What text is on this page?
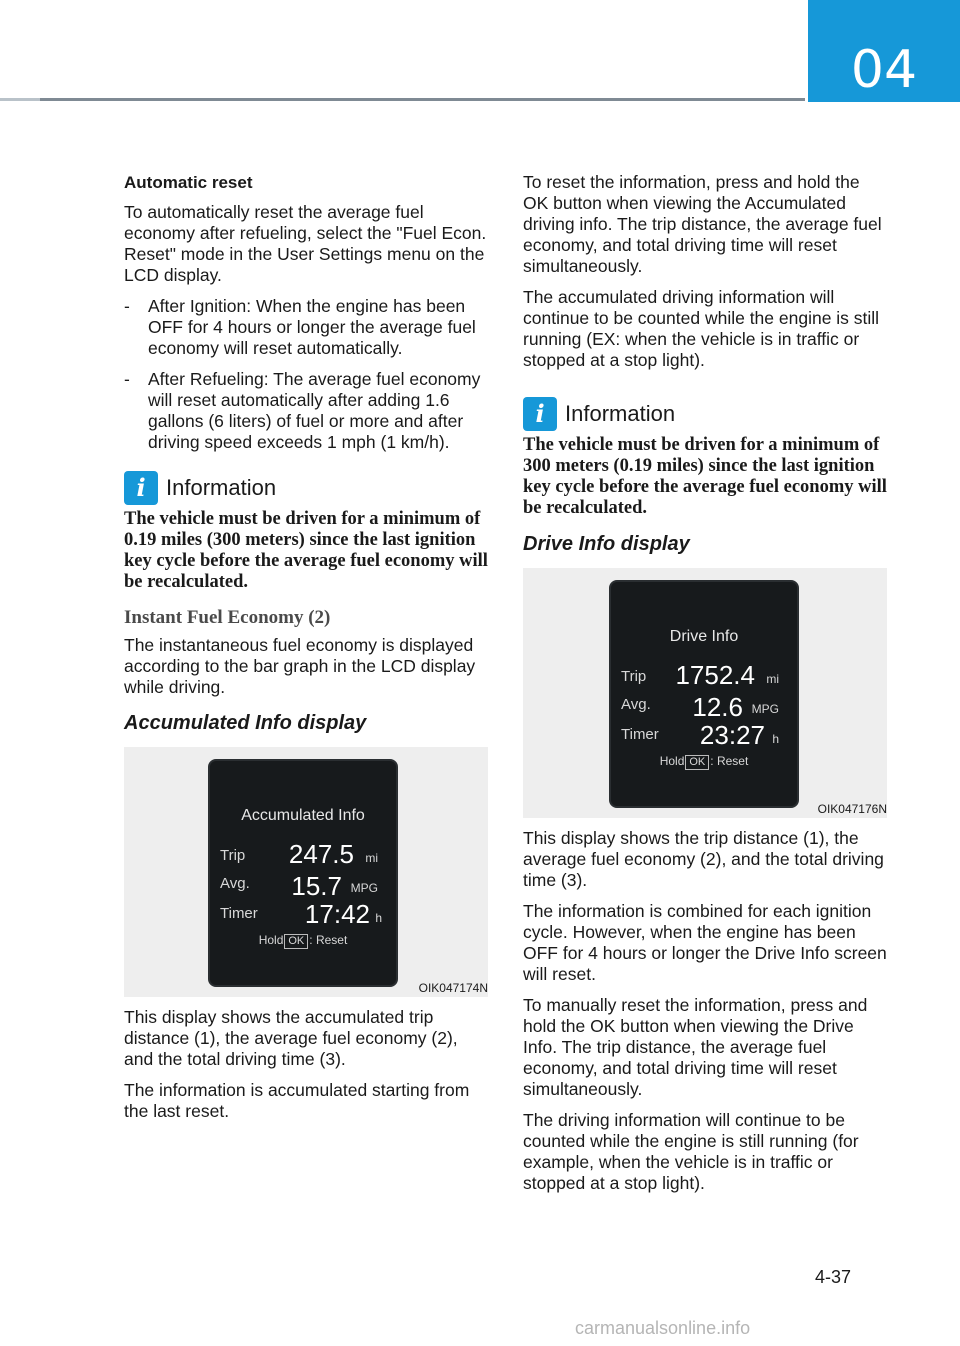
04
Automatic reset
To automatically reset the average fuel economy after refueling, select the "Fuel Econ. Reset" mode in the User Settings menu on the LCD display.
- After Ignition: When the engine has been OFF for 4 hours or longer the average fuel economy will reset automatically.
- After Refueling: The average fuel economy will reset automatically after adding 1.6 gallons (6 liters) of fuel or more and after driving speed exceeds 1 mph (1 km/h).
i Information
The vehicle must be driven for a minimum of 0.19 miles (300 meters) since the last ignition key cycle before the average fuel economy will be recalculated.
Instant Fuel Economy (2)
The instantaneous fuel economy is displayed according to the bar graph in the LCD display while driving.
Accumulated Info display
Accumulated Info
Trip 247.5 mi
Avg. 15.7 MPG
Timer 17:42 h
Hold OK : Reset
OIK047174N
This display shows the accumulated trip distance (1), the average fuel economy (2), and the total driving time (3).
The information is accumulated starting from the last reset.
To reset the information, press and hold the OK button when viewing the Accumulated driving info. The trip distance, the average fuel economy, and total driving time will reset simultaneously.
The accumulated driving information will continue to be counted while the engine is still running (EX: when the vehicle is in traffic or stopped at a stop light).
i Information
The vehicle must be driven for a minimum of 300 meters (0.19 miles) since the last ignition key cycle before the average fuel economy will be recalculated.
Drive Info display
Drive Info
Trip 1752.4 mi
Avg. 12.6 MPG
Timer 23:27 h
Hold OK : Reset
OIK047176N
This display shows the trip distance (1), the average fuel economy (2), and the total driving time (3).
The information is combined for each ignition cycle. However, when the engine has been OFF for 4 hours or longer the Drive Info screen will reset.
To manually reset the information, press and hold the OK button when viewing the Drive Info. The trip distance, the average fuel economy, and total driving time will reset simultaneously.
The driving information will continue to be counted while the engine is still running (for example, when the vehicle is in traffic or stopped at a stop light).
4-37
carmanualsonline.info
